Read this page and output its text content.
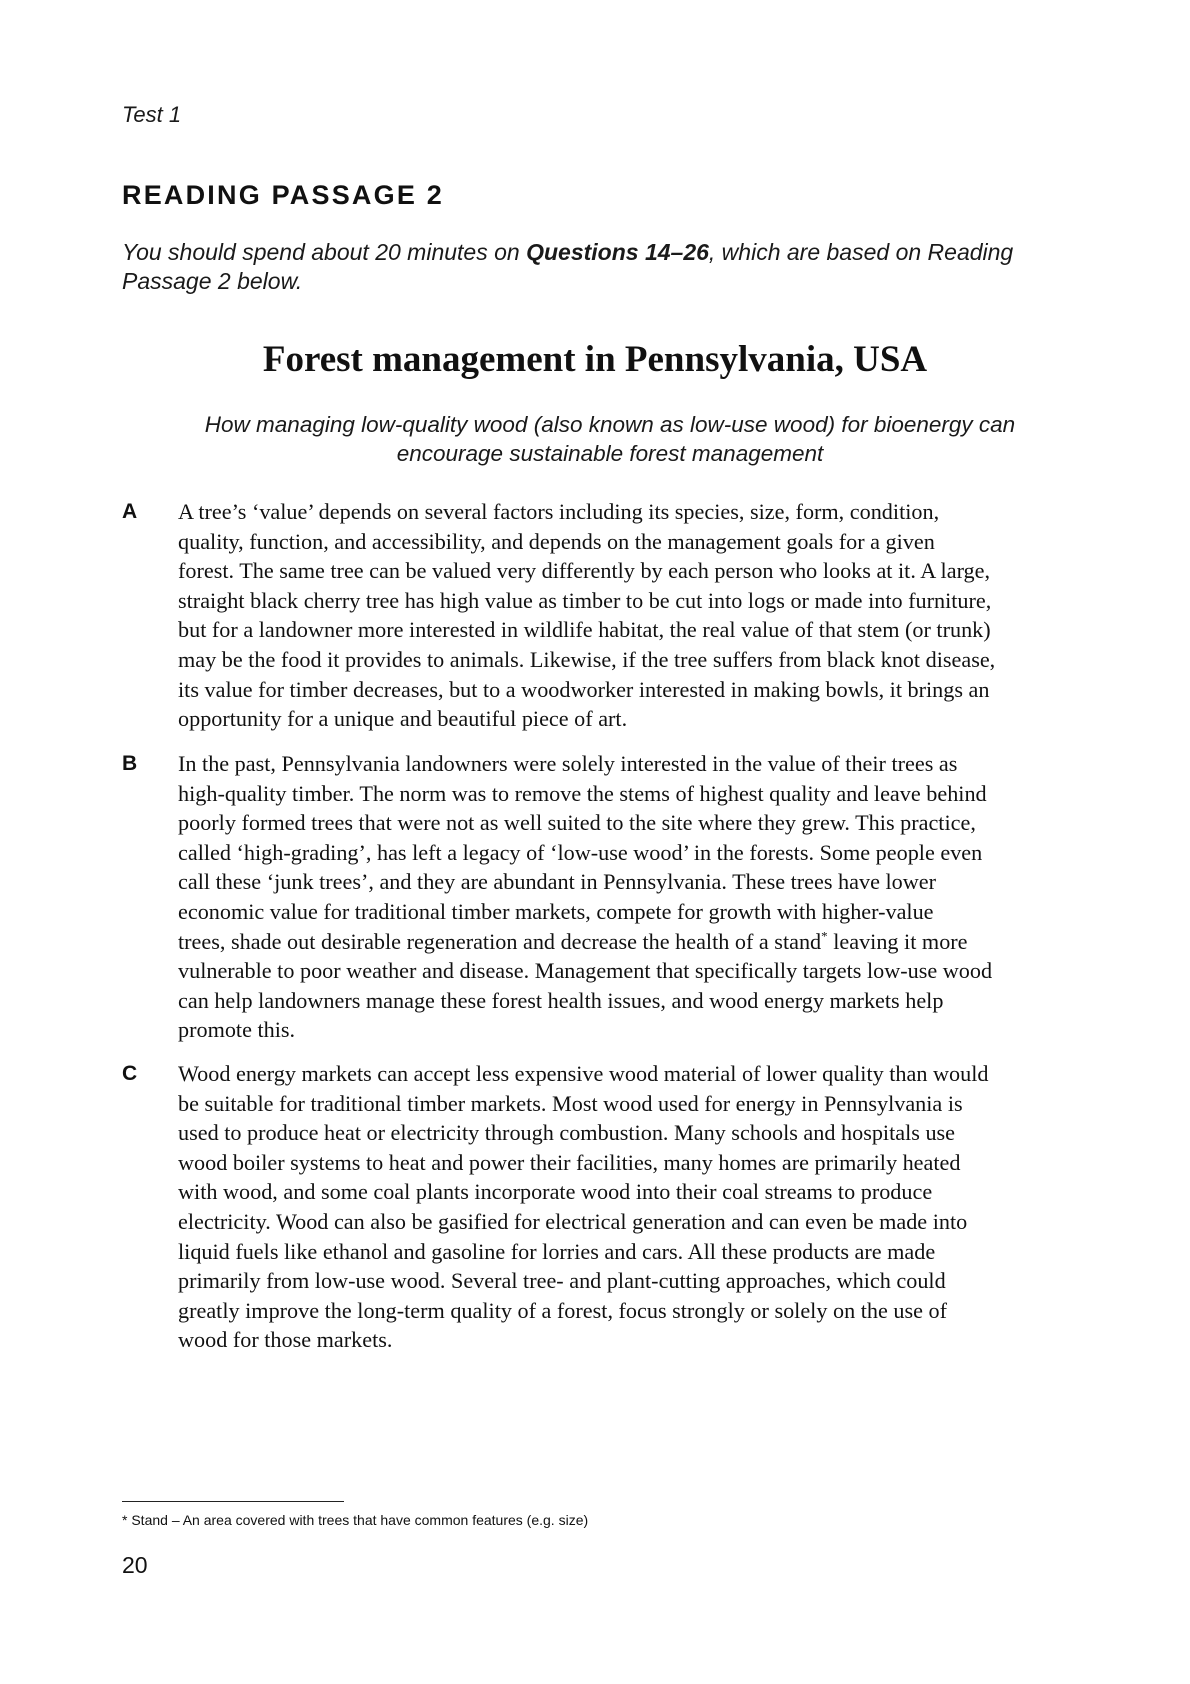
Test 1
READING PASSAGE 2
You should spend about 20 minutes on Questions 14–26, which are based on Reading
Passage 2 below.
Forest management in Pennsylvania, USA
How managing low-quality wood (also known as low-use wood) for bioenergy can
encourage sustainable forest management
A A tree’s ‘value’ depends on several factors including its species, size, form, condition,
quality, function, and accessibility, and depends on the management goals for a given
forest. The same tree can be valued very differently by each person who looks at it. A large,
straight black cherry tree has high value as timber to be cut into logs or made into furniture,
but for a landowner more interested in wildlife habitat, the real value of that stem (or trunk)
may be the food it provides to animals. Likewise, if the tree suffers from black knot disease,
its value for timber decreases, but to a woodworker interested in making bowls, it brings an
opportunity for a unique and beautiful piece of art.
B In the past, Pennsylvania landowners were solely interested in the value of their trees as
high-quality timber. The norm was to remove the stems of highest quality and leave behind
poorly formed trees that were not as well suited to the site where they grew. This practice,
called ‘high-grading’, has left a legacy of ‘low-use wood’ in the forests. Some people even
call these ‘junk trees’, and they are abundant in Pennsylvania. These trees have lower
economic value for traditional timber markets, compete for growth with higher-value
trees, shade out desirable regeneration and decrease the health of a stand* leaving it more
vulnerable to poor weather and disease. Management that specifically targets low-use wood
can help landowners manage these forest health issues, and wood energy markets help
promote this.
C Wood energy markets can accept less expensive wood material of lower quality than would
be suitable for traditional timber markets. Most wood used for energy in Pennsylvania is
used to produce heat or electricity through combustion. Many schools and hospitals use
wood boiler systems to heat and power their facilities, many homes are primarily heated
with wood, and some coal plants incorporate wood into their coal streams to produce
electricity. Wood can also be gasified for electrical generation and can even be made into
liquid fuels like ethanol and gasoline for lorries and cars. All these products are made
primarily from low-use wood. Several tree- and plant-cutting approaches, which could
greatly improve the long-term quality of a forest, focus strongly or solely on the use of
wood for those markets.
* Stand – An area covered with trees that have common features (e.g. size)
20
